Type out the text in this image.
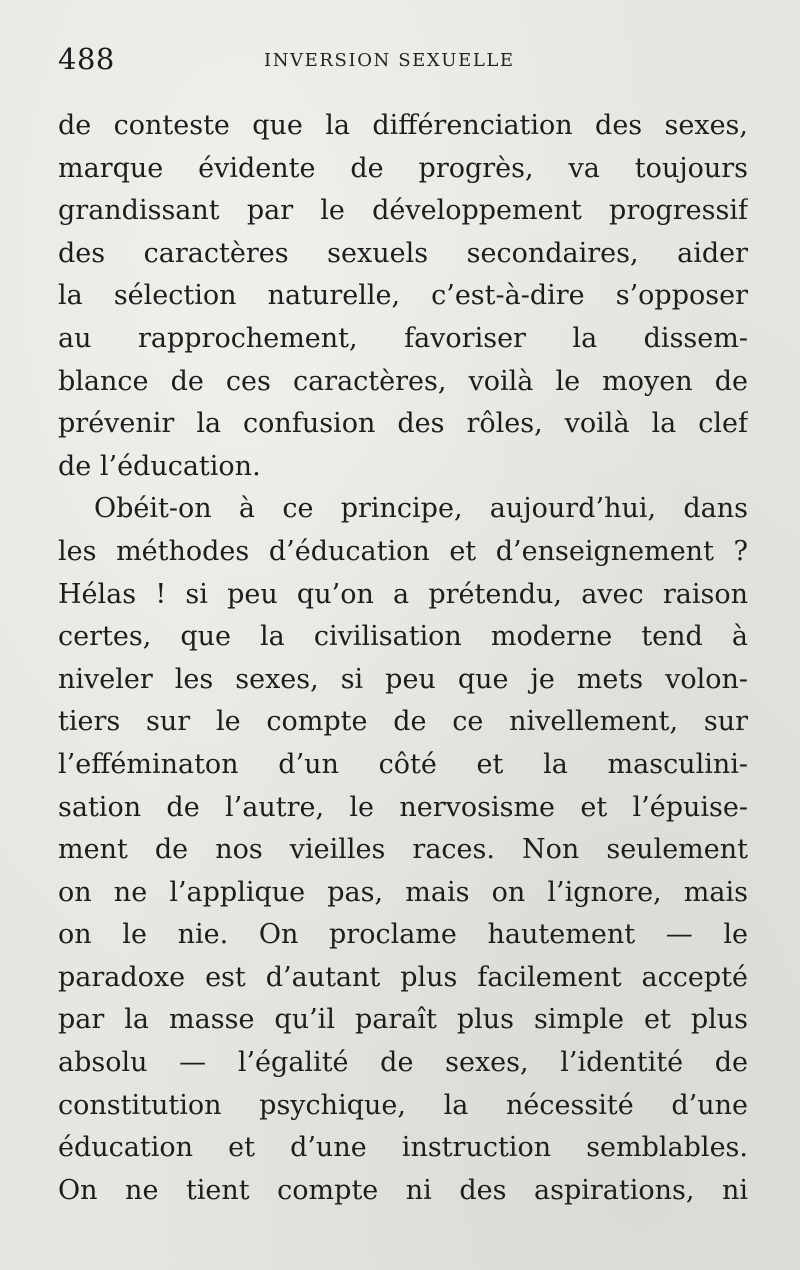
488	INVERSION SEXUELLE
de conteste que la différenciation des sexes,
marque évidente de progrès, va toujours
grandissant par le développement progressif
des caractères sexuels secondaires, aider
la sélection naturelle, c’est-à-dire s’opposer
au rapprochement, favoriser la dissem-
blance de ces caractères, voilà le moyen de
prévenir la confusion des rôles, voilà la clef
de l’éducation.
Obéit-on à ce principe, aujourd’hui, dans
les méthodes d’éducation et d’enseignement ?
Hélas ! si peu qu’on a prétendu, avec raison
certes, que la civilisation moderne tend à
niveler les sexes, si peu que je mets volon-
tiers sur le compte de ce nivellement, sur
l’efféminaton d’un côté et la masculini-
sation de l’autre, le nervosisme et l’épuise-
ment de nos vieilles races. Non seulement
on ne l’applique pas, mais on l’ignore, mais
on le nie. On proclame hautement — le
paradoxe est d’autant plus facilement accepté
par la masse qu’il paraît plus simple et plus
absolu — l’égalité de sexes, l’identité de
constitution psychique, la nécessité d’une
éducation et d’une instruction semblables.
On ne tient compte ni des aspirations, ni
